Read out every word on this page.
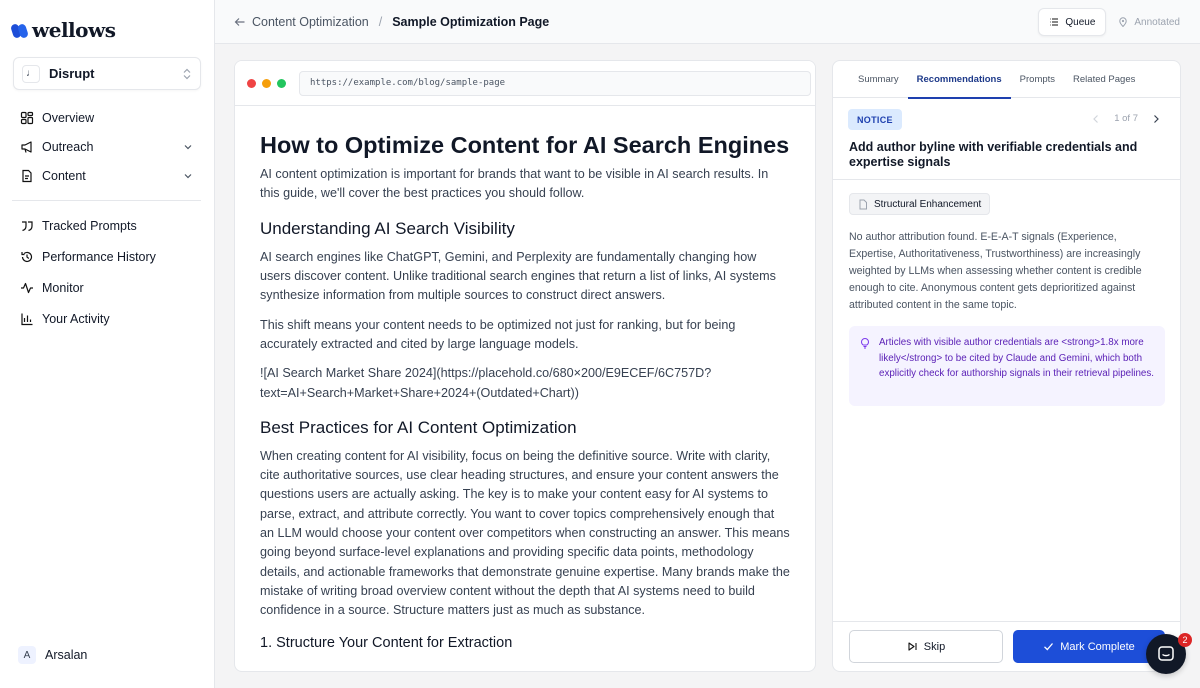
wellows
♩	Disrupt
Overview
Outreach
Content
Tracked Prompts
Performance History
Monitor
Your Activity
A	Arsalan
Content Optimization / Sample Optimization Page	Queue	Annotated
https://example.com/blog/sample-page
How to Optimize Content for AI Search Engines

AI content optimization is important for brands that want to be visible in AI search results. In this guide, we'll cover the best practices you should follow.

Understanding AI Search Visibility

AI search engines like ChatGPT, Gemini, and Perplexity are fundamentally changing how users discover content. Unlike traditional search engines that return a list of links, AI systems synthesize information from multiple sources to construct direct answers.

This shift means your content needs to be optimized not just for ranking, but for being accurately extracted and cited by large language models.

![AI Search Market Share 2024](https://placehold.co/680×200/E9ECEF/6C757D?text=AI+Search+Market+Share+2024+(Outdated+Chart))

Best Practices for AI Content Optimization

When creating content for AI visibility, focus on being the definitive source. Write with clarity, cite authoritative sources, use clear heading structures, and ensure your content answers the questions users are actually asking. The key is to make your content easy for AI systems to parse, extract, and attribute correctly. You want to cover topics comprehensively enough that an LLM would choose your content over competitors when constructing an answer. This means going beyond surface-level explanations and providing specific data points, methodology details, and actionable frameworks that demonstrate genuine expertise. Many brands make the mistake of writing broad overview content without the depth that AI systems need to build confidence in a source. Structure matters just as much as substance.

1. Structure Your Content for Extraction
Summary	Recommendations	Prompts	Related Pages
NOTICE	1 of 7
Add author byline with verifiable credentials and expertise signals
Structural Enhancement

No author attribution found. E-E-A-T signals (Experience, Expertise, Authoritativeness, Trustworthiness) are increasingly weighted by LLMs when assessing whether content is credible enough to cite. Anonymous content gets deprioritized against attributed content in the same topic.

Articles with visible author credentials are <strong>1.8x more likely</strong> to be cited by Claude and Gemini, which both explicitly check for authorship signals in their retrieval pipelines.
Skip	Mark Complete
2
